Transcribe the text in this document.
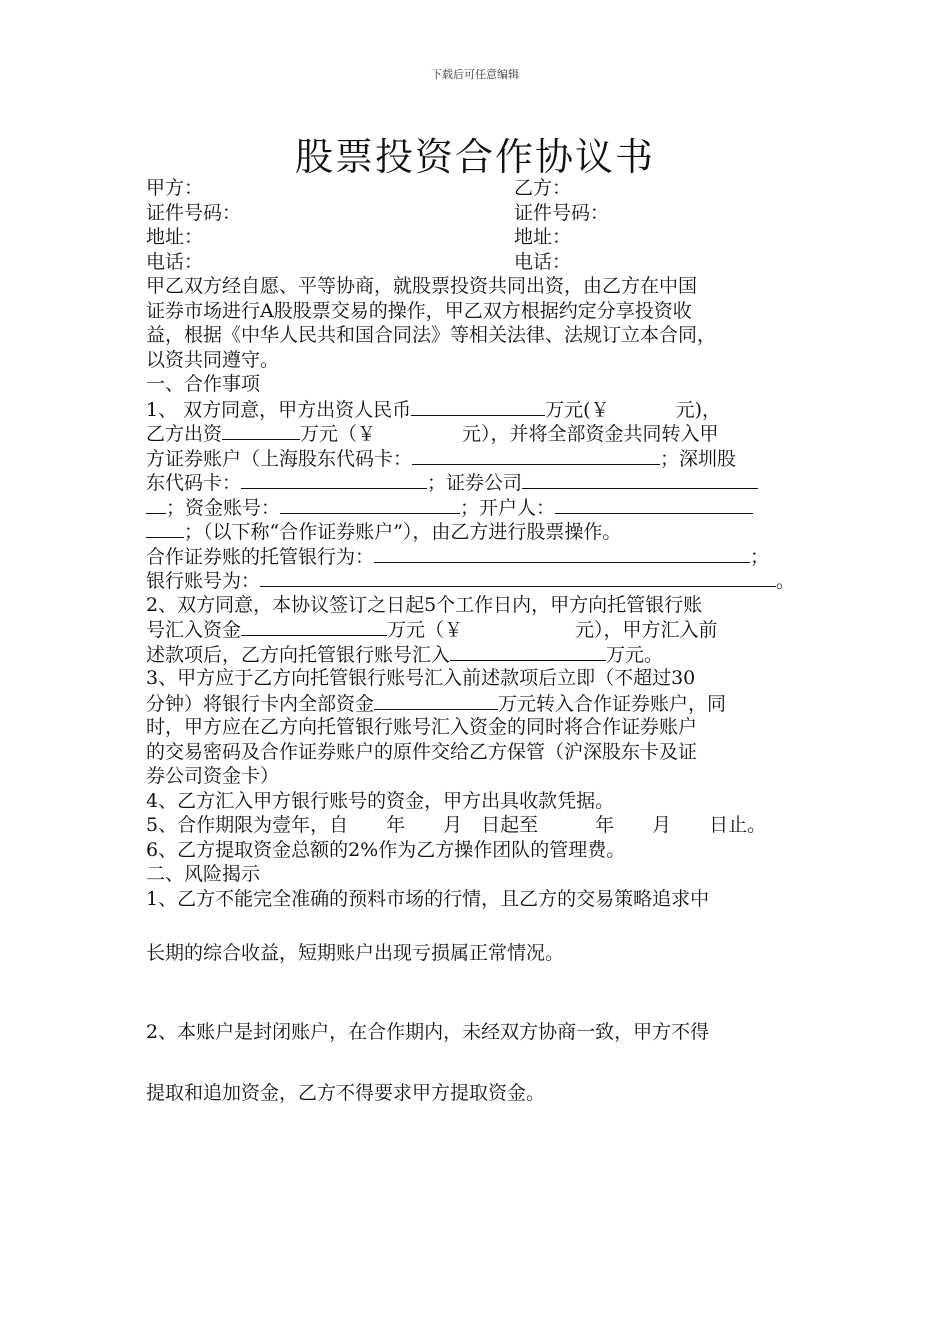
下载后可任意编辑
股票投资合作协议书
甲方：	乙方：
证件号码：	证件号码：
地址：	地址：
电话：	电话：
甲乙双方经自愿、平等协商，就股票投资共同出资，由乙方在中国
证券市场进行A股股票交易的操作，甲乙双方根据约定分享投资收
益，根据《中华人民共和国合同法》等相关法律、法规订立本合同，
以资共同遵守。
一、合作事项
1、 双方同意，甲方出资人民币	万元(￥	元)，
乙方出资	万元（￥	元），并将全部资金共同转入甲
方证券账户（上海股东代码卡：	；深圳股
东代码卡：	；证券公司
；资金账号：	；开户人：
；（以下称“合作证券账户”），由乙方进行股票操作。
合作证券账的托管银行为：	；
银行账号为：	。
2、双方同意，本协议签订之日起5个工作日内，甲方向托管银行账
号汇入资金	万元（￥	元），甲方汇入前
述款项后，乙方向托管银行账号汇入	万元。
3、甲方应于乙方向托管银行账号汇入前述款项后立即（不超过30
分钟）将银行卡内全部资金	万元转入合作证券账户，同
时，甲方应在乙方向托管银行账号汇入资金的同时将合作证券账户
的交易密码及合作证券账户的原件交给乙方保管（沪深股东卡及证
券公司资金卡）
4、乙方汇入甲方银行账号的资金，甲方出具收款凭据。
5、合作期限为壹年，自　　年　　月　日起至　　　年　　月　　日止。
6、乙方提取资金总额的2%作为乙方操作团队的管理费。
二、风险揭示
1、乙方不能完全准确的预料市场的行情，且乙方的交易策略追求中
长期的综合收益，短期账户出现亏损属正常情况。
2、本账户是封闭账户，在合作期内，未经双方协商一致，甲方不得
提取和追加资金，乙方不得要求甲方提取资金。
